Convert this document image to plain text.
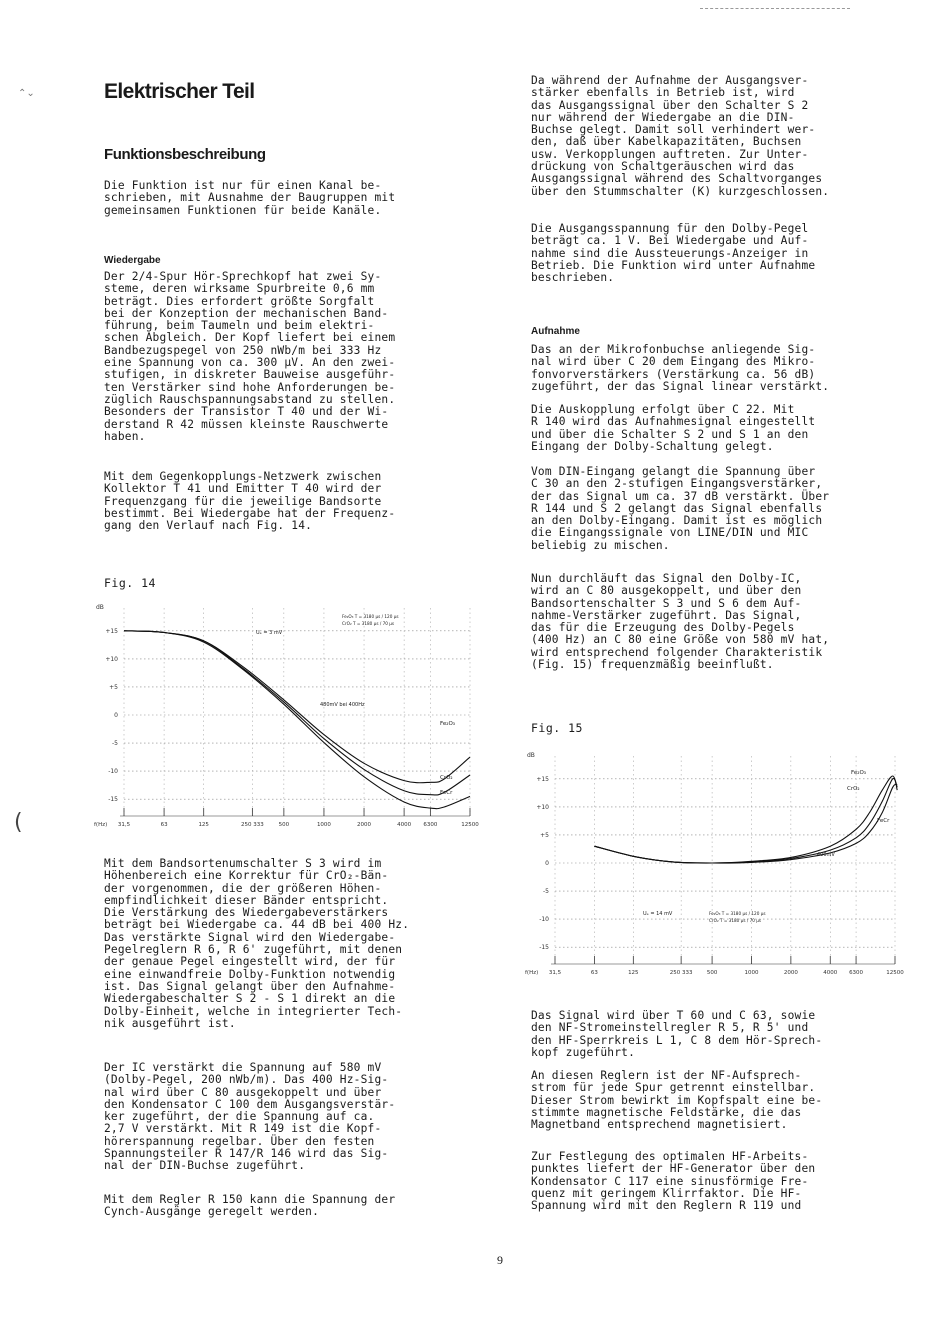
⌃⌄
(
Elektrischer Teil
Funktionsbeschreibung

Die Funktion ist nur für einen Kanal be-
schrieben, mit Ausnahme der Baugruppen mit
gemeinsamen Funktionen für beide Kanäle.

Wiedergabe

Der 2/4-Spur Hör-Sprechkopf hat zwei Sy-
steme, deren wirksame Spurbreite 0,6 mm
beträgt. Dies erfordert größte Sorgfalt
bei der Konzeption der mechanischen Band-
führung, beim Taumeln und beim elektri-
schen Abgleich. Der Kopf liefert bei einem
Bandbezugspegel von 250 nWb/m bei 333 Hz
eine Spannung von ca. 300 µV. An den zwei-
stufigen, in diskreter Bauweise ausgeführ-
ten Verstärker sind hohe Anforderungen be-
züglich Rauschspannungsabstand zu stellen.
Besonders der Transistor T 40 und der Wi-
derstand R 42 müssen kleinste Rauschwerte
haben.

Mit dem Gegenkopplungs-Netzwerk zwischen
Kollektor T 41 und Emitter T 40 wird der
Frequenzgang für die jeweilige Bandsorte
bestimmt. Bei Wiedergabe hat der Frequenz-
gang den Verlauf nach Fig. 14.

Fig. 14
dB
+15
+10
+5
0
-5
-10
-15
31,5	63	125	250 333	500	1000	2000	4000 6300	12500
f(Hz)
Fe₂O₃
CrO₂
FeCr
Uₑ = 3 mV
Fe₂O₃ T = 3180 µs / 120 µs
CrO₂ T = 3180 µs / 70 µs
480mV bei 400Hz

Mit dem Bandsortenumschalter S 3 wird im
Höhenbereich eine Korrektur für CrO₂-Bän-
der vorgenommen, die der größeren Höhen-
empfindlichkeit dieser Bänder entspricht.
Die Verstärkung des Wiedergabeverstärkers
beträgt bei Wiedergabe ca. 44 dB bei 400 Hz.
Das verstärkte Signal wird den Wiedergabe-
Pegelreglern R 6, R 6' zugeführt, mit denen
der genaue Pegel eingestellt wird, der für
eine einwandfreie Dolby-Funktion notwendig
ist. Das Signal gelangt über den Aufnahme-
Wiedergabeschalter S 2 - S 1 direkt an die
Dolby-Einheit, welche in integrierter Tech-
nik ausgeführt ist.

Der IC verstärkt die Spannung auf 580 mV
(Dolby-Pegel, 200 nWb/m). Das 400 Hz-Sig-
nal wird über C 80 ausgekoppelt und über
den Kondensator C 100 dem Ausgangsverstär-
ker zugeführt, der die Spannung auf ca.
2,7 V verstärkt. Mit R 149 ist die Kopf-
hörerspannung regelbar. Über den festen
Spannungsteiler R 147/R 146 wird das Sig-
nal der DIN-Buchse zugeführt.

Mit dem Regler R 150 kann die Spannung der
Cynch-Ausgänge geregelt werden.

Da während der Aufnahme der Ausgangsver-
stärker ebenfalls in Betrieb ist, wird
das Ausgangssignal über den Schalter S 2
nur während der Wiedergabe an die DIN-
Buchse gelegt. Damit soll verhindert wer-
den, daß über Kabelkapazitäten, Buchsen
usw. Verkopplungen auftreten. Zur Unter-
drückung von Schaltgeräuschen wird das
Ausgangssignal während des Schaltvorganges
über den Stummschalter (K) kurzgeschlossen.

Die Ausgangsspannung für den Dolby-Pegel
beträgt ca. 1 V. Bei Wiedergabe und Auf-
nahme sind die Aussteuerungs-Anzeiger in
Betrieb. Die Funktion wird unter Aufnahme
beschrieben.

Aufnahme

Das an der Mikrofonbuchse anliegende Sig-
nal wird über C 20 dem Eingang des Mikro-
fonvorverstärkers (Verstärkung ca. 56 dB)
zugeführt, der das Signal linear verstärkt.

Die Auskopplung erfolgt über C 22. Mit
R 140 wird das Aufnahmesignal eingestellt
und über die Schalter S 2 und S 1 an den
Eingang der Dolby-Schaltung gelegt.

Vom DIN-Eingang gelangt die Spannung über
C 30 an den 2-stufigen Eingangsverstärker,
der das Signal um ca. 37 dB verstärkt. Über
R 144 und S 2 gelangt das Signal ebenfalls
an den Dolby-Eingang. Damit ist es möglich
die Eingangssignale von LINE/DIN und MIC
beliebig zu mischen.

Nun durchläuft das Signal den Dolby-IC,
wird an C 80 ausgekoppelt, und über den
Bandsortenschalter S 3 und S 6 dem Auf-
nahme-Verstärker zugeführt. Das Signal,
das für die Erzeugung des Dolby-Pegels
(400 Hz) an C 80 eine Größe von 580 mV hat,
wird entsprechend folgender Charakteristik
(Fig. 15) frequenzmäßig beeinflußt.

Fig. 15
dB
+15
+10
+5
0
-5
-10
-15
31,5	63	125	250 333	500	1000	2000	4000 6300	12500
f(Hz)
Fe₂O₃
CrO₂
FeCr
Uₑ = 14 mV	Fe₂O₃ T = 3180 µs / 120 µs
CrO₂ T = 3180 µs / 70 µs
400mV

Das Signal wird über T 60 und C 63, sowie
den NF-Stromeinstellregler R 5, R 5' und
den HF-Sperrkreis L 1, C 8 dem Hör-Sprech-
kopf zugeführt.

An diesen Reglern ist der NF-Aufsprech-
strom für jede Spur getrennt einstellbar.
Dieser Strom bewirkt im Kopfspalt eine be-
stimmte magnetische Feldstärke, die das
Magnetband entsprechend magnetisiert.

Zur Festlegung des optimalen HF-Arbeits-
punktes liefert der HF-Generator über den
Kondensator C 117 eine sinusförmige Fre-
quenz mit geringem Klirrfaktor. Die HF-
Spannung wird mit den Reglern R 119 und

9
